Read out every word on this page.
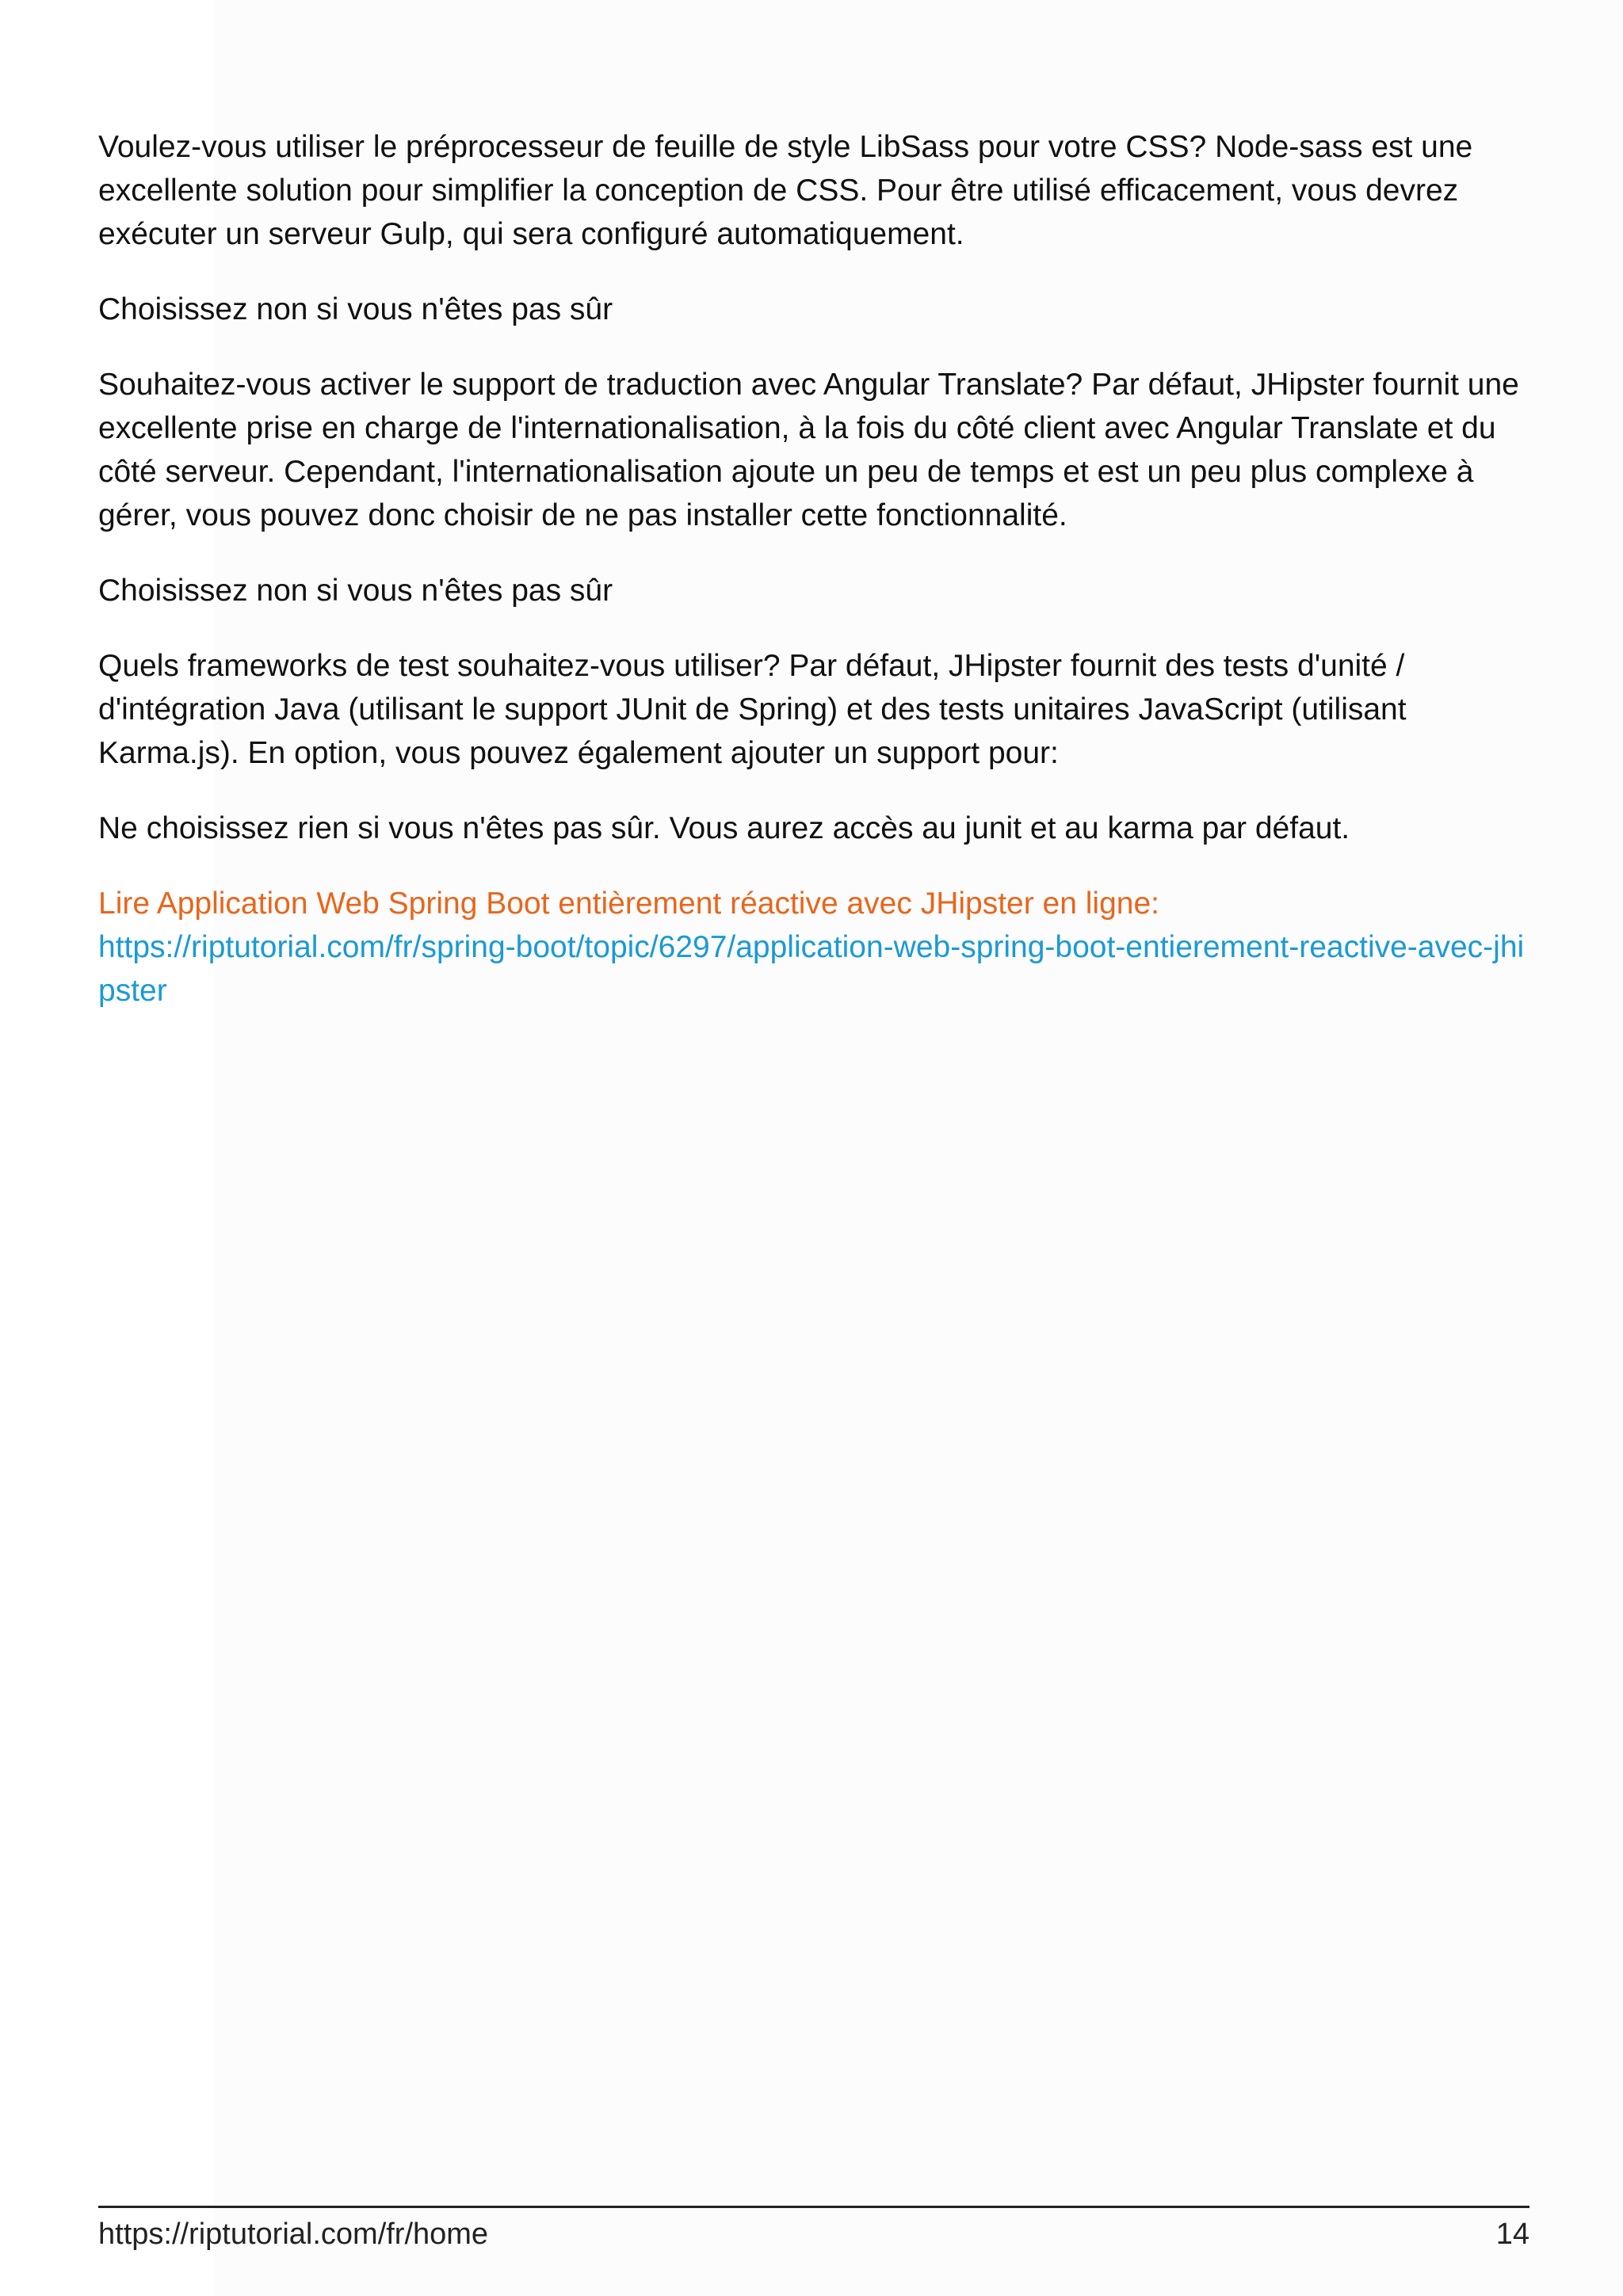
Voulez-vous utiliser le préprocesseur de feuille de style LibSass pour votre CSS? Node-sass est une excellente solution pour simplifier la conception de CSS. Pour être utilisé efficacement, vous devrez exécuter un serveur Gulp, qui sera configuré automatiquement.

Choisissez non si vous n'êtes pas sûr

Souhaitez-vous activer le support de traduction avec Angular Translate? Par défaut, JHipster fournit une excellente prise en charge de l'internationalisation, à la fois du côté client avec Angular Translate et du côté serveur. Cependant, l'internationalisation ajoute un peu de temps et est un peu plus complexe à gérer, vous pouvez donc choisir de ne pas installer cette fonctionnalité.

Choisissez non si vous n'êtes pas sûr

Quels frameworks de test souhaitez-vous utiliser? Par défaut, JHipster fournit des tests d'unité / d'intégration Java (utilisant le support JUnit de Spring) et des tests unitaires JavaScript (utilisant Karma.js). En option, vous pouvez également ajouter un support pour:

Ne choisissez rien si vous n'êtes pas sûr. Vous aurez accès au junit et au karma par défaut.

Lire Application Web Spring Boot entièrement réactive avec JHipster en ligne:
https://riptutorial.com/fr/spring-boot/topic/6297/application-web-spring-boot-entierement-reactive-avec-jhipster

https://riptutorial.com/fr/home	14
